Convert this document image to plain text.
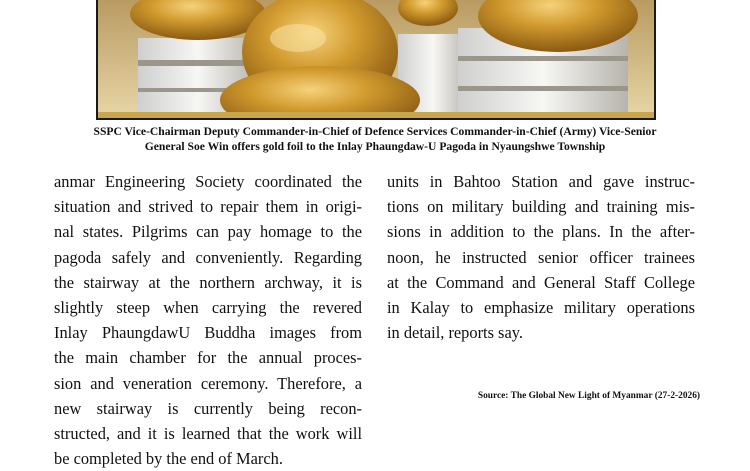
SSPC Vice-Chairman Deputy Commander-in-Chief of Defence Services Commander-in-Chief (Army) Vice-Senior
General Soe Win offers gold foil to the Inlay Phaungdaw-U Pagoda in Nyaungshwe Township
anmar Engineering Society coordinated the
situation and strived to repair them in origi-
nal states. Pilgrims can pay homage to the
pagoda safely and conveniently. Regarding
the stairway at the northern archway, it is
slightly steep when carrying the revered
Inlay PhaungdawU Buddha images from
the main chamber for the annual proces-
sion and veneration ceremony. Therefore, a
new stairway is currently being recon-
structed, and it is learned that the work will
be completed by the end of March.
units in Bahtoo Station and gave instruc-
tions on military building and training mis-
sions in addition to the plans. In the after-
noon, he instructed senior officer trainees
at the Command and General Staff College
in Kalay to emphasize military operations
in detail, reports say.
Source: The Global New Light of Myanmar (27-2-2026)
